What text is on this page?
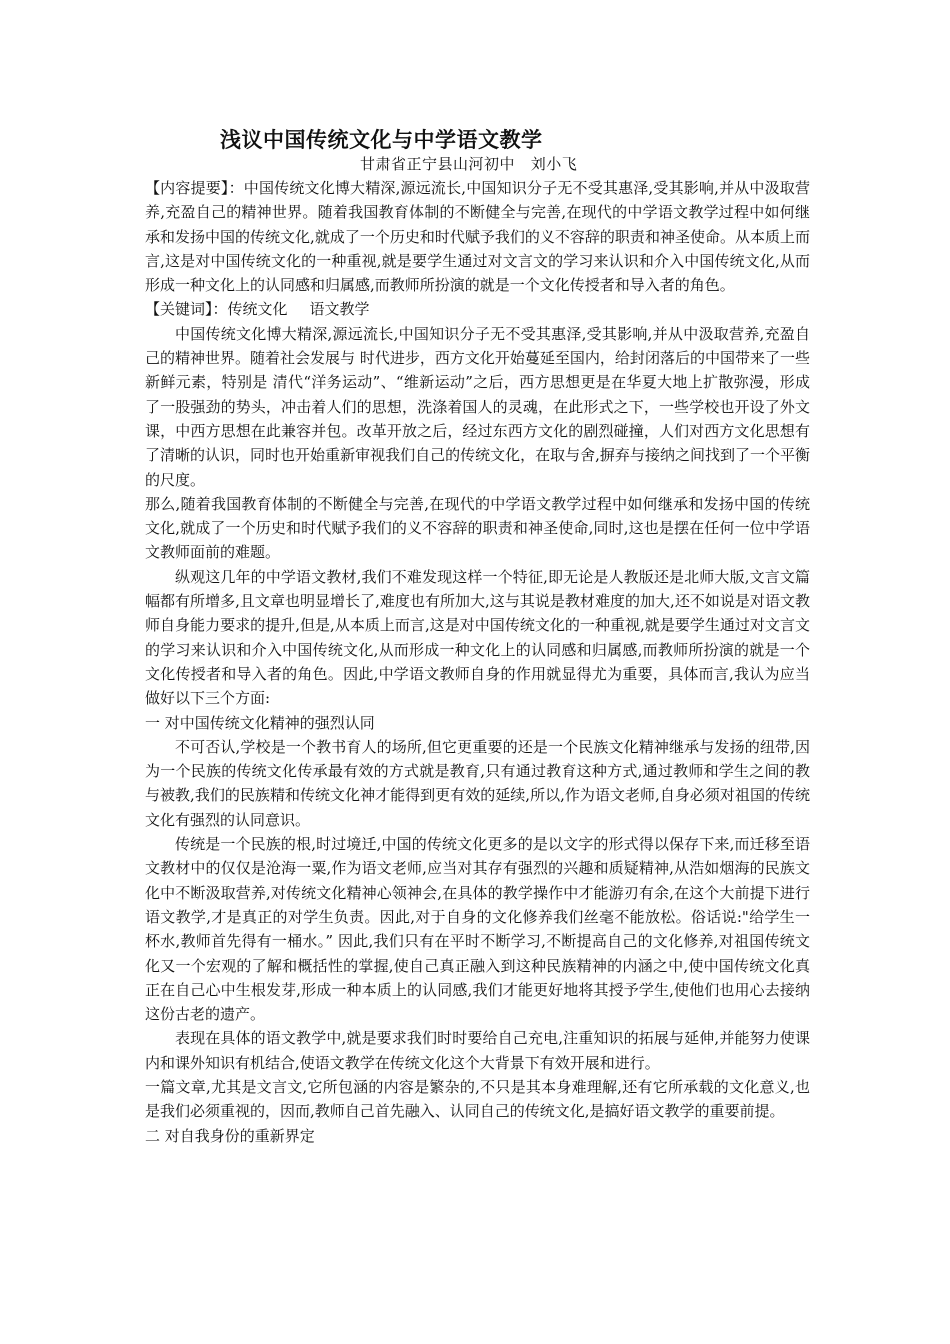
浅议中国传统文化与中学语文教学
甘肃省正宁县山河初中   刘小飞

【内容提要】：中国传统文化博大精深,源远流长,中国知识分子无不受其惠泽,受其影响,并从中汲取营养,充盈自己的精神世界。随着我国教育体制的不断健全与完善,在现代的中学语文教学过程中如何继承和发扬中国的传统文化,就成了一个历史和时代赋予我们的义不容辞的职责和神圣使命。从本质上而言,这是对中国传统文化的一种重视,就是要学生通过对文言文的学习来认识和介入中国传统文化,从而形成一种文化上的认同感和归属感,而教师所扮演的就是一个文化传授者和导入者的角色。

【关键词】：传统文化 语文教学

中国传统文化博大精深,源远流长,中国知识分子无不受其惠泽,受其影响,并从中汲取营养,充盈自己的精神世界。随着社会发展与 时代进步，西方文化开始蔓延至国内，给封闭落后的中国带来了一些新鲜元素，特别是 清代“洋务运动”、“维新运动”之后，西方思想更是在华夏大地上扩散弥漫，形成了一股强劲的势头，冲击着人们的思想，洗涤着国人的灵魂，在此形式之下，一些学校也开设了外文课，中西方思想在此兼容并包。改革开放之后，经过东西方文化的剧烈碰撞，人们对西方文化思想有了清晰的认识，同时也开始重新审视我们自己的传统文化，在取与舍,摒弃与接纳之间找到了一个平衡的尺度。

那么,随着我国教育体制的不断健全与完善,在现代的中学语文教学过程中如何继承和发扬中国的传统文化,就成了一个历史和时代赋予我们的义不容辞的职责和神圣使命,同时,这也是摆在任何一位中学语文教师面前的难题。

纵观这几年的中学语文教材,我们不难发现这样一个特征,即无论是人教版还是北师大版,文言文篇幅都有所增多,且文章也明显增长了,难度也有所加大,这与其说是教材难度的加大,还不如说是对语文教师自身能力要求的提升,但是,从本质上而言,这是对中国传统文化的一种重视,就是要学生通过对文言文的学习来认识和介入中国传统文化,从而形成一种文化上的认同感和归属感,而教师所扮演的就是一个文化传授者和导入者的角色。因此,中学语文教师自身的作用就显得尤为重要，具体而言,我认为应当做好以下三个方面:

一 对中国传统文化精神的强烈认同

不可否认,学校是一个教书育人的场所,但它更重要的还是一个民族文化精神继承与发扬的纽带,因为一个民族的传统文化传承最有效的方式就是教育,只有通过教育这种方式,通过教师和学生之间的教与被教,我们的民族精和传统文化神才能得到更有效的延续,所以,作为语文老师,自身必须对祖国的传统文化有强烈的认同意识。

传统是一个民族的根,时过境迁,中国的传统文化更多的是以文字的形式得以保存下来,而迁移至语文教材中的仅仅是沧海一粟,作为语文老师,应当对其存有强烈的兴趣和质疑精神,从浩如烟海的民族文化中不断汲取营养,对传统文化精神心领神会,在具体的教学操作中才能游刃有余,在这个大前提下进行语文教学,才是真正的对学生负责。因此,对于自身的文化修养我们丝毫不能放松。俗话说:"给学生一杯水,教师首先得有一桶水。” 因此,我们只有在平时不断学习,不断提高自己的文化修养,对祖国传统文化又一个宏观的了解和概括性的掌握,使自己真正融入到这种民族精神的内涵之中,使中国传统文化真正在自己心中生根发芽,形成一种本质上的认同感,我们才能更好地将其授予学生,使他们也用心去接纳这份古老的遗产。

表现在具体的语文教学中,就是要求我们时时要给自己充电,注重知识的拓展与延伸,并能努力使课内和课外知识有机结合,使语文教学在传统文化这个大背景下有效开展和进行。

一篇文章,尤其是文言文,它所包涵的内容是繁杂的,不只是其本身难理解,还有它所承载的文化意义,也是我们必须重视的，因而,教师自己首先融入、认同自己的传统文化,是搞好语文教学的重要前提。

二 对自我身份的重新界定
